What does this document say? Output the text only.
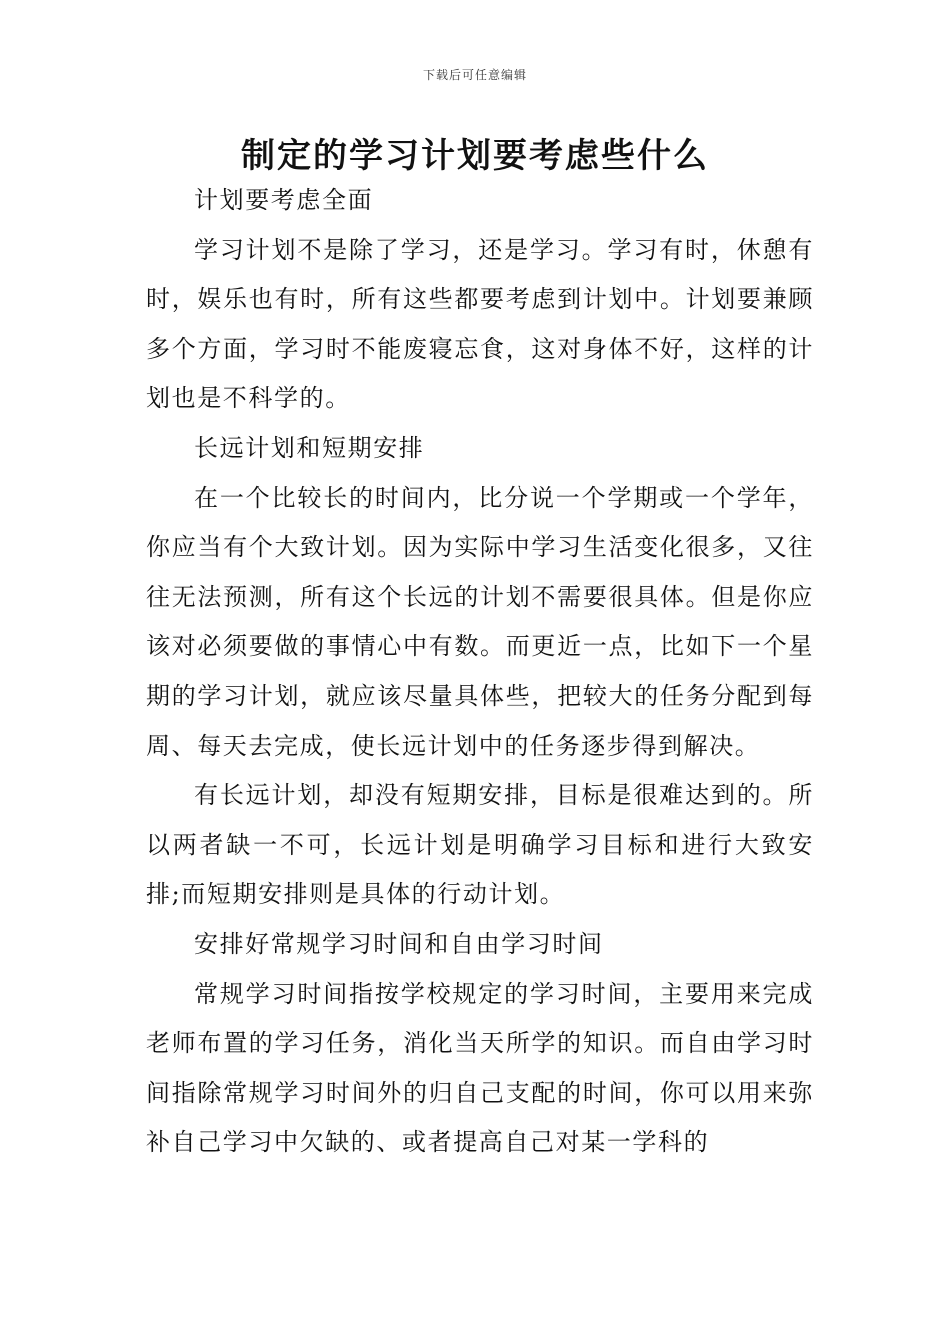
下载后可任意编辑
制定的学习计划要考虑些什么

计划要考虑全面

学习计划不是除了学习，还是学习。学习有时，休憩有时，娱乐也有时，所有这些都要考虑到计划中。计划要兼顾多个方面，学习时不能废寝忘食，这对身体不好，这样的计划也是不科学的。

长远计划和短期安排

在一个比较长的时间内，比分说一个学期或一个学年，你应当有个大致计划。因为实际中学习生活变化很多，又往往无法预测，所有这个长远的计划不需要很具体。但是你应该对必须要做的事情心中有数。而更近一点，比如下一个星期的学习计划，就应该尽量具体些，把较大的任务分配到每周、每天去完成，使长远计划中的任务逐步得到解决。

有长远计划，却没有短期安排，目标是很难达到的。所以两者缺一不可，长远计划是明确学习目标和进行大致安排;而短期安排则是具体的行动计划。

安排好常规学习时间和自由学习时间

常规学习时间指按学校规定的学习时间，主要用来完成老师布置的学习任务，消化当天所学的知识。而自由学习时间指除常规学习时间外的归自己支配的时间，你可以用来弥补自己学习中欠缺的、或者提高自己对某一学科的
